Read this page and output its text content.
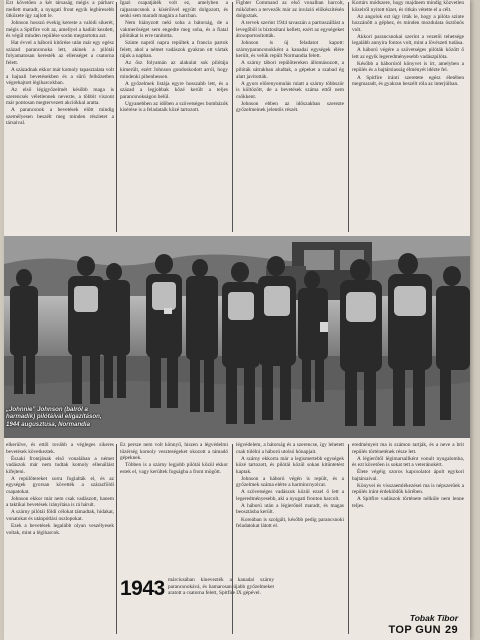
Ezt követően a két társaság mégis a párharc mellett maradt, a nyugati front egyik leghíresebb ütközete így zajlott le.

Johnson hosszú évekig kereste a valódi sikerét, mégis a Spitfire volt az, amellyel a hadiút kezdett, és végül minden repülése során megtartotta azt.

Hat évvel a háború kitörése után már egy egész század parancsnoka lett, akinek a pilótái folyamatosan keresték az ellenséget a csatorna felett.

A századnak ekkor már komoly tapasztalata volt a hajnali bevetésekben és a sűrű felhőzetben végrehajtott légiharcokban.

Az első légigyőzelmét később maga is szerencsés véletlennek nevezte, a többit viszont már pontosan megtervezett akciókkal aratta.

A parancsnok a bevetések előtt mindig személyesen beszélt meg minden részletet a társaival.

Igazi csapatjáték volt ez, amelyben a rajparancsnok a kísérőivel együtt dolgozott, és senki sem maradt magára a harcban.

Nem hiányzott neki soha a bátorság, de a vakmerőséget sem engedte meg soha, és a fiatal pilótákat is erre tanította.

Szinte napról napra repültek a francia partok felett, ahol a német vadászok gyakran ott vártak rájuk a napban.

Az ősz folyamán az alakulat sok pilótája kimerült, ezért Johnson gondoskodott arról, hogy mindenki pihenhessen.

A győzelmek listája egyre hosszabb lett, és a század a legjobbak közé került a teljes parancsnokságon belül.

Ugyanebben az időben a szövetséges bombázók kísérése is a feladataik közé tartozott.

Fighter Command az első vonalban harcolt, miközben a tervezők már az invázió előkészítésén dolgoztak.

A tervek szerint 1944 tavaszán a partraszállást a levegőből is biztosítani kellett, ezért az egységeket átcsoportosították.

Johnson is új feladatot kapott: szárnyparancsnokként a kanadai egységek élére került, és velük repült Normandia felett.

A szárny tábori repülőtereken állomásozott, a pilóták sátrakban aludtak, a gépeket a szabad ég alatt javították.

A gyors előrenyomulás miatt a szárny többször is költözött, de a bevetések száma ettől nem csökkent.

Johnson ebben az időszakban szerezte győzelmeinek jelentős részét.

Kortárs módszere, hogy majdnem mindig közvetlen közelről nyitott tüzet, és ritkán vétette el a célt.

Az angolok ezt úgy írták le, hogy a pilóta szinte hozzánőtt a géphez, és minden mozdulata ösztönös volt.

Akkori parancsnokai szerint a vezetői tehetsége legalább annyira fontos volt, mint a lövészeti tudása.

A háború végére a szövetséges pilóták között ő lett az egyik legeredményesebb vadászpilóta.

Később a háborúról könyvet is írt, amelyben a repülés és a bajtársiasság élményét idézte fel.

A Spitfire iránti szeretete egész életében megmaradt, és gyakran beszélt róla az interjúiban.

„Johnnie” Johnson (balról a harmadik) pilótáival eligazításon, 1944 augusztusa, Normandia

elkerülve, és ettől tovább a végleges sikeres bevetések következtek.

Északi frontjának első vonalában a német vadászok már nem tudtak komoly ellenállást kifejteni.

A repülőtereket sorra foglalták el, és az egységek gyorsan követték a szárazföldi csapatokat.

Johnson ekkor már nem csak vadászott, hanem a taktikai bevetések irányítása is rá hárult.

A szárny pilótái földi célokat támadtak, hidakat, vonatokat és utánpótlási oszlopokat.

Ezek a bevetések legalább olyan veszélyesek voltak, mint a légiharcok.

Ez persze nem volt könnyű, hiszen a légvédelmi tüzérség komoly veszteségeket okozott a támadó gépeknek.

Többen is a szárny legjobb pilótái közül ekkor estek el, vagy kerültek fogságba a front mögött.

1943 márciusában kinevezték a kanadai szárny parancsnokává, és hamarosan újabb győzelmeket aratott a csatorna felett, Spitfire IX gépével.

légvédelem, a bátorság és a szerencse, így lehetett csak túlélni a háború utolsó hónapjait.

A szárny ekkorra már a legismertebb egységek közé tartozott, és pilótái közül sokan kitüntetést kaptak.

Johnson a háború végén is repült, és a győzelmek száma elérte a harmincnyolcat.

A szövetséges vadászok közül ezzel ő lett a legeredményesebb, aki a nyugati fronton harcolt.

A háború után a légierőnél maradt, és magas beosztásba került.

Koreában is szolgált, később pedig parancsnoki feladatokat látott el.

eredményeit ma is számon tartják, és a neve a brit repülés történetének része lett.

A légierőtől légimarsallként vonult nyugalomba, és ezt követően is sokat tett a veteránokért.

Élete végéig szoros kapcsolatot ápolt egykori bajtársaival.

Könyvei és visszaemlékezései ma is népszerűek a repülés iránt érdeklődők körében.

A Spitfire vadászok története nélküle nem lenne teljes.

Tobak Tibor
TOP GUN 29
